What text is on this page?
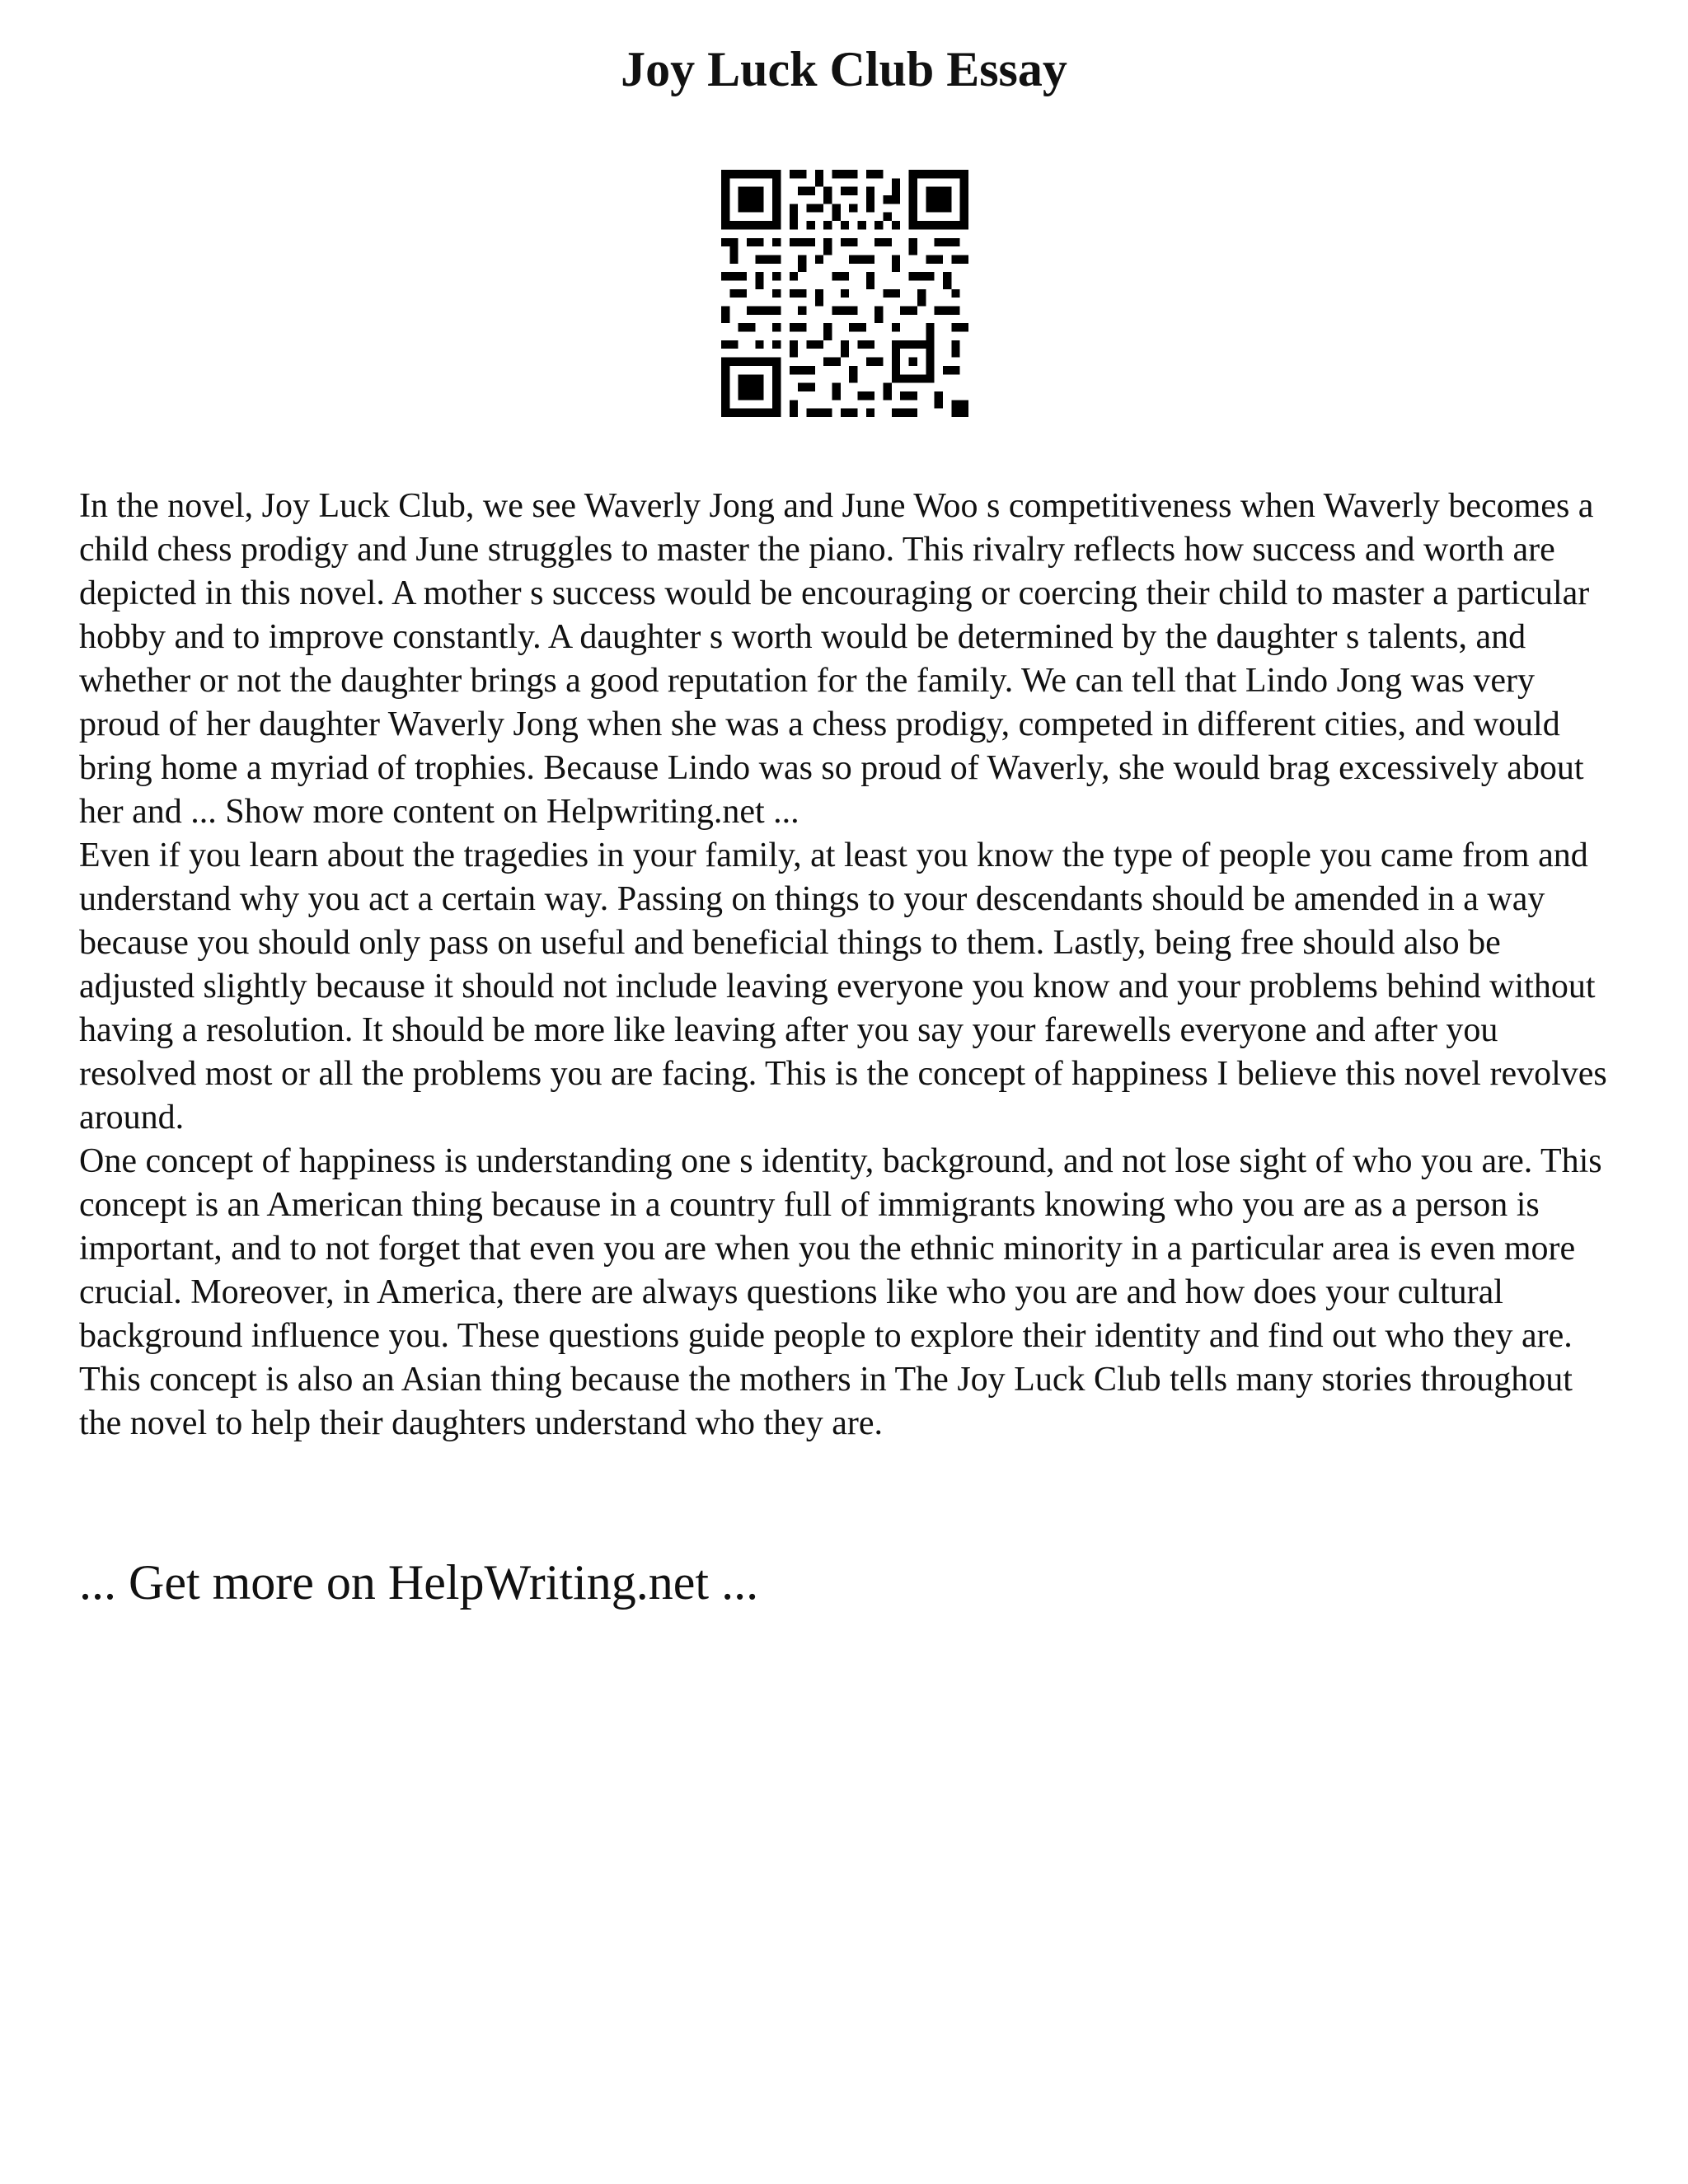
Joy Luck Club Essay

In the novel, Joy Luck Club, we see Waverly Jong and June Woo s competitiveness when Waverly becomes a child chess prodigy and June struggles to master the piano. This rivalry reflects how success and worth are depicted in this novel. A mother s success would be encouraging or coercing their child to master a particular hobby and to improve constantly. A daughter s worth would be determined by the daughter s talents, and whether or not the daughter brings a good reputation for the family. We can tell that Lindo Jong was very proud of her daughter Waverly Jong when she was a chess prodigy, competed in different cities, and would bring home a myriad of trophies. Because Lindo was so proud of Waverly, she would brag excessively about her and ... Show more content on Helpwriting.net ...

Even if you learn about the tragedies in your family, at least you know the type of people you came from and understand why you act a certain way. Passing on things to your descendants should be amended in a way because you should only pass on useful and beneficial things to them. Lastly, being free should also be adjusted slightly because it should not include leaving everyone you know and your problems behind without having a resolution. It should be more like leaving after you say your farewells everyone and after you resolved most or all the problems you are facing. This is the concept of happiness I believe this novel revolves around.

One concept of happiness is understanding one s identity, background, and not lose sight of who you are. This concept is an American thing because in a country full of immigrants knowing who you are as a person is important, and to not forget that even you are when you the ethnic minority in a particular area is even more crucial. Moreover, in America, there are always questions like who you are and how does your cultural background influence you. These questions guide people to explore their identity and find out who they are. This concept is also an Asian thing because the mothers in The Joy Luck Club tells many stories throughout the novel to help their daughters understand who they are.

... Get more on HelpWriting.net ...
